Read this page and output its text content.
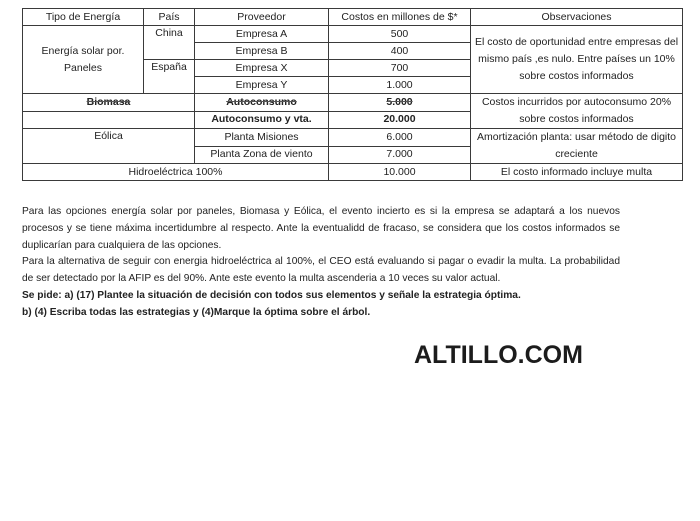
Tipo de Energía	País	Proveedor	Costos en millones de $*	Observaciones
Energía solar por. Paneles	China	Empresa A	500	El costo de oportunidad entre empresas del mismo país ,es nulo. Entre países un 10% sobre costos informados
		Empresa B	400	
	España	Empresa X	700	
		Empresa Y	1.000	
Biomasa		Autoconsumo	5.000	Costos incurridos por autoconsumo 20% sobre costos informados
		Autoconsumo y vta.	20.000	
Eólica		Planta Misiones	6.000	Amortización planta: usar método de digito creciente
		Planta Zona de viento	7.000	
Hidroeléctrica 100%			10.000	El costo informado incluye multa

Para las opciones energía solar por paneles, Biomasa y Eólica, el evento incierto es si la empresa se adaptará a los nuevos procesos y se tiene máxima incertidumbre al respecto. Ante la eventualidd de fracaso, se considera que los costos informados se duplicarían para cualquiera de las opciones.

Para la alternativa de seguir con energia hidroeléctrica al 100%, el CEO está evaluando si pagar o evadir la multa. La probabilidad de ser detectado por la AFIP es del 90%. Ante este evento la multa ascenderia a 10 veces su valor actual.

Se pide: a) (17) Plantee la situación de decisión con todos sus elementos y señale la estrategia óptima.

b) (4) Escriba todas las estrategias y (4)Marque la óptima sobre el árbol.

ALTILLO.COM
